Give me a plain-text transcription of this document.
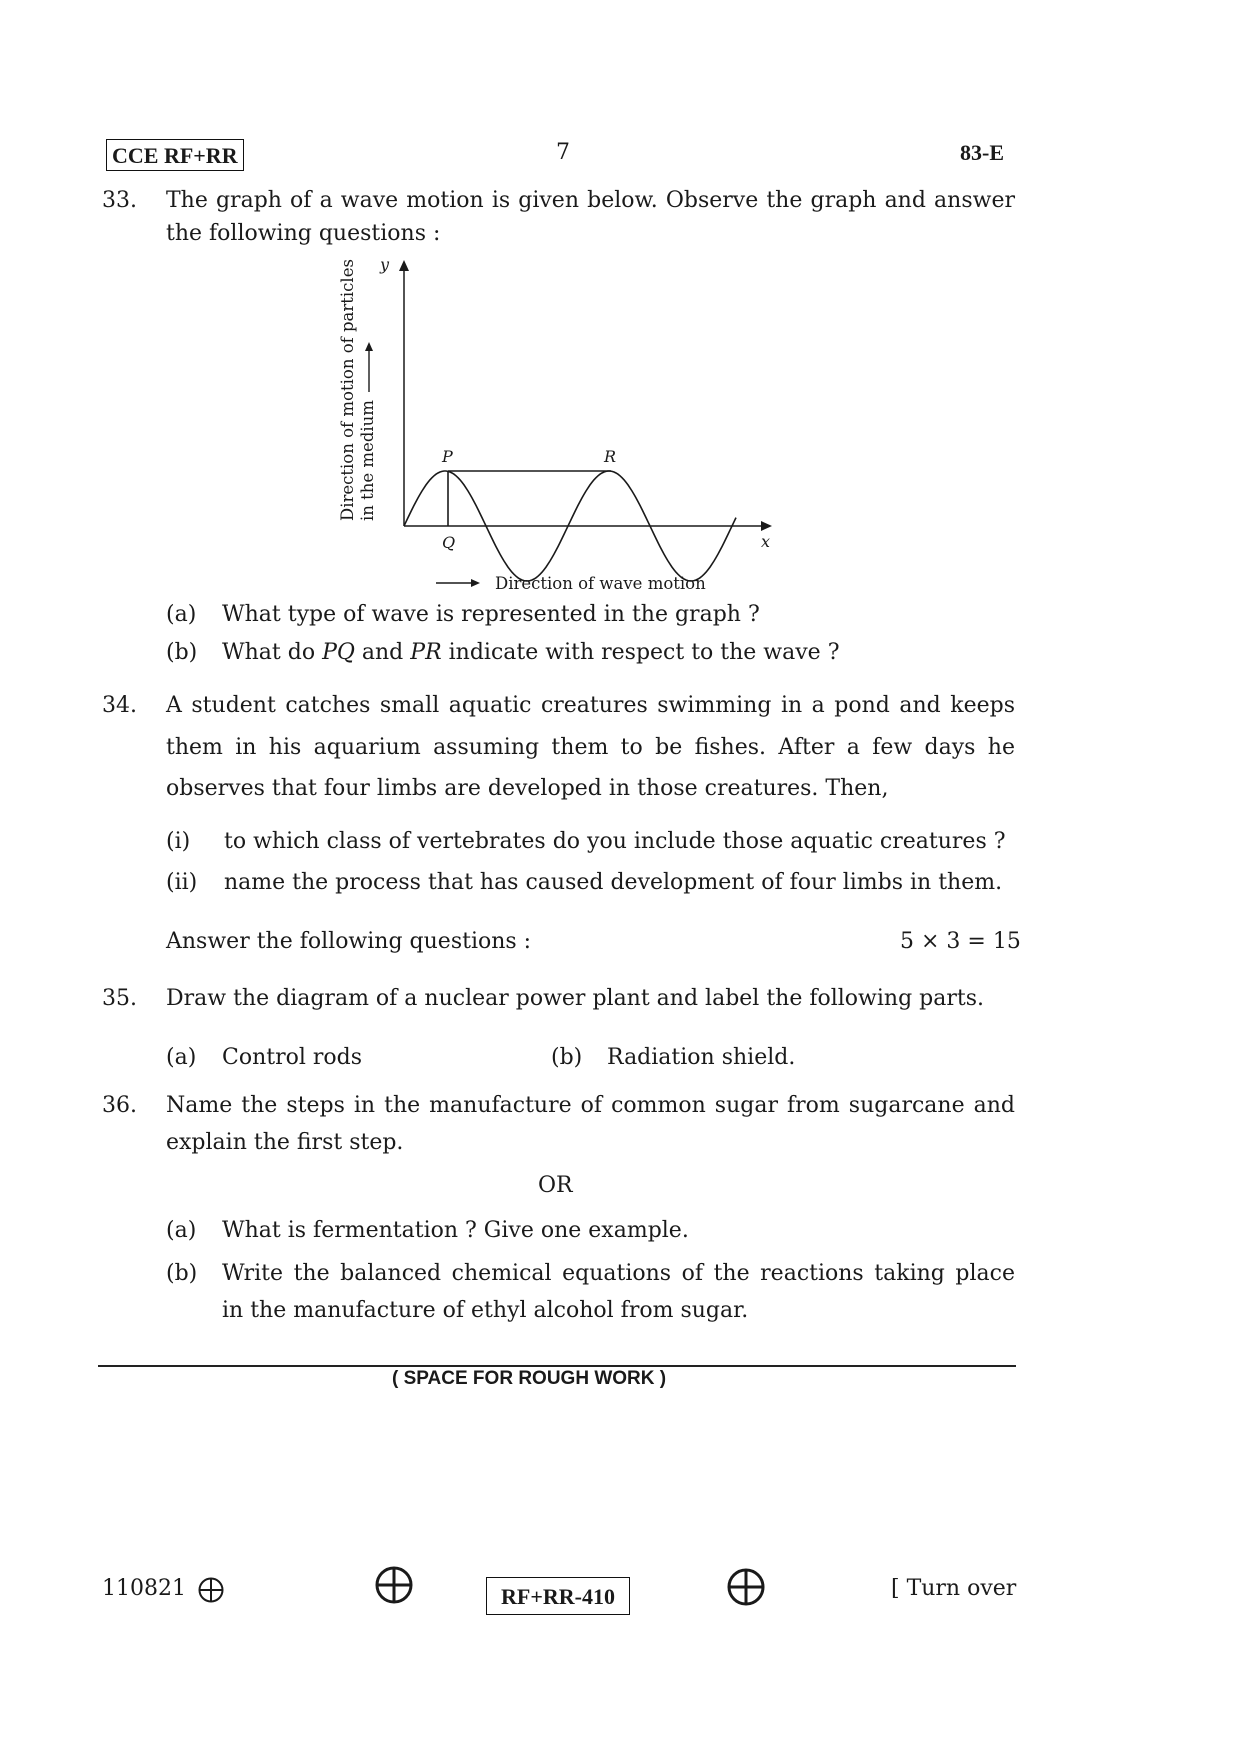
CCE RF+RR	7	83-E
33. The graph of a wave motion is given below. Observe the graph and answer
the following questions :
y
x
P	R
Q
Direction of motion of particles in the medium
Direction of wave motion
(a) What type of wave is represented in the graph ?
(b) What do PQ and PR indicate with respect to the wave ?
34. A student catches small aquatic creatures swimming in a pond and keeps
them in his aquarium assuming them to be fishes. After a few days he
observes that four limbs are developed in those creatures. Then,
(i) to which class of vertebrates do you include those aquatic creatures ?
(ii) name the process that has caused development of four limbs in them.
Answer the following questions :	5 × 3 = 15
35. Draw the diagram of a nuclear power plant and label the following parts.
(a) Control rods	(b) Radiation shield.
36. Name the steps in the manufacture of common sugar from sugarcane and
explain the first step.
OR
(a) What is fermentation ? Give one example.
(b) Write the balanced chemical equations of the reactions taking place
in the manufacture of ethyl alcohol from sugar.
( SPACE FOR ROUGH WORK )
110821	RF+RR-410	[ Turn over
